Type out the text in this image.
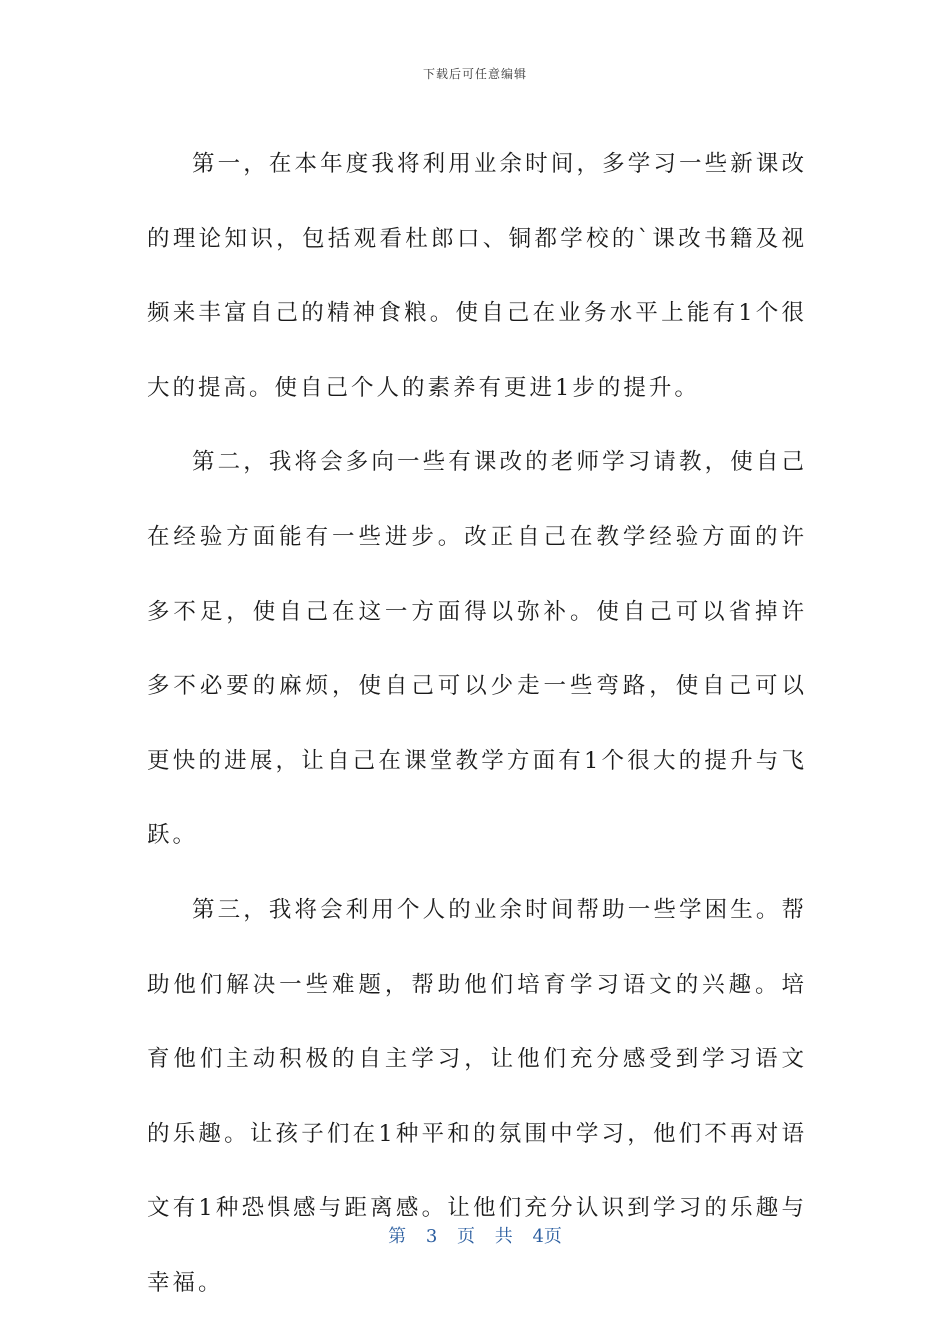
下载后可任意编辑

第一，在本年度我将利用业余时间，多学习一些新课改的理论知识，包括观看杜郎口、铜都学校的`课改书籍及视频来丰富自己的精神食粮。使自己在业务水平上能有1个很大的提高。使自己个人的素养有更进1步的提升。

第二，我将会多向一些有课改的老师学习请教，使自己在经验方面能有一些进步。改正自己在教学经验方面的许多不足，使自己在这一方面得以弥补。使自己可以省掉许多不必要的麻烦，使自己可以少走一些弯路，使自己可以更快的进展，让自己在课堂教学方面有1个很大的提升与飞跃。

第三，我将会利用个人的业余时间帮助一些学困生。帮助他们解决一些难题，帮助他们培育学习语文的兴趣。培育他们主动积极的自主学习，让他们充分感受到学习语文的乐趣。让孩子们在1种平和的氛围中学习，他们不再对语文有1种恐惧感与距离感。让他们充分认识到学习的乐趣与幸福。

第 3 页 共 4页
